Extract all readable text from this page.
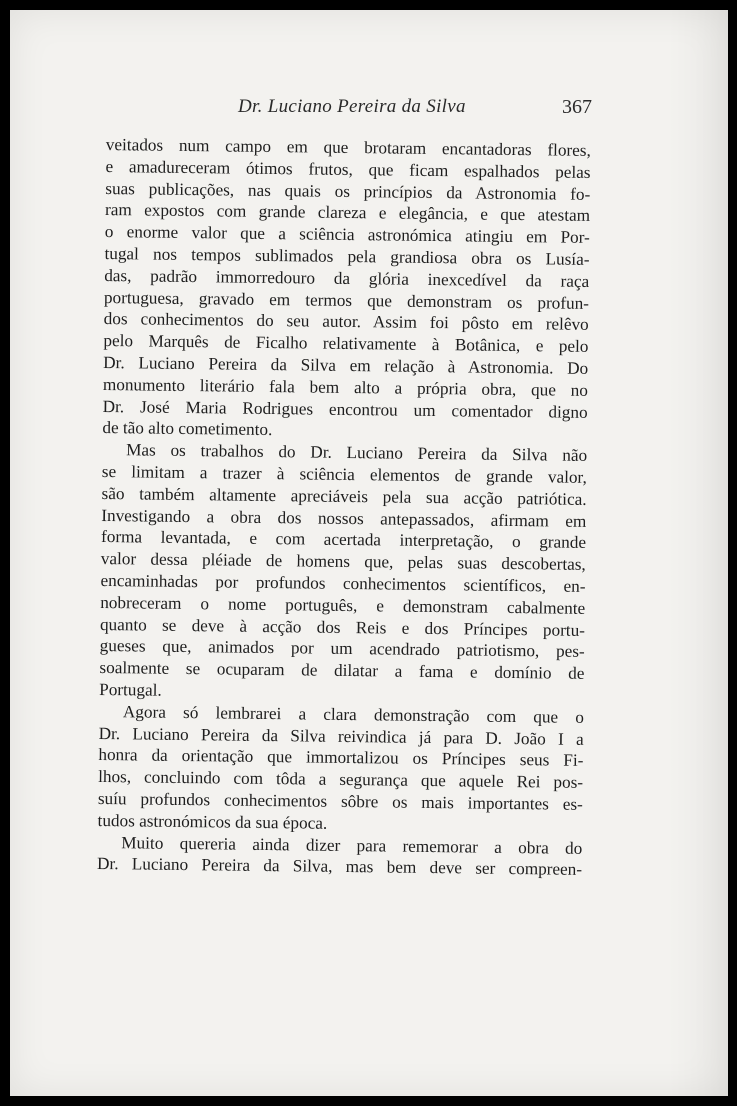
Dr. Luciano Pereira da Silva	367
veitados num campo em que brotaram encantadoras flores,
e amadureceram ótimos frutos, que ficam espalhados pelas
suas publicações, nas quais os princípios da Astronomia fo-
ram expostos com grande clareza e elegância, e que atestam
o enorme valor que a sciência astronómica atingiu em Por-
tugal nos tempos sublimados pela grandiosa obra os Lusía-
das, padrão immorredouro da glória inexcedível da raça
portuguesa, gravado em termos que demonstram os profun-
dos conhecimentos do seu autor. Assim foi pôsto em relêvo
pelo Marquês de Ficalho relativamente à Botânica, e pelo
Dr. Luciano Pereira da Silva em relação à Astronomia. Do
monumento literário fala bem alto a própria obra, que no
Dr. José Maria Rodrigues encontrou um comentador digno
de tão alto cometimento.
Mas os trabalhos do Dr. Luciano Pereira da Silva não
se limitam a trazer à sciência elementos de grande valor,
são também altamente apreciáveis pela sua acção patriótica.
Investigando a obra dos nossos antepassados, afirmam em
forma levantada, e com acertada interpretação, o grande
valor dessa pléiade de homens que, pelas suas descobertas,
encaminhadas por profundos conhecimentos scientíficos, en-
nobreceram o nome português, e demonstram cabalmente
quanto se deve à acção dos Reis e dos Príncipes portu-
gueses que, animados por um acendrado patriotismo, pes-
soalmente se ocuparam de dilatar a fama e domínio de
Portugal.
Agora só lembrarei a clara demonstração com que o
Dr. Luciano Pereira da Silva reivindica já para D. João I a
honra da orientação que immortalizou os Príncipes seus Fi-
lhos, concluindo com tôda a segurança que aquele Rei pos-
suíu profundos conhecimentos sôbre os mais importantes es-
tudos astronómicos da sua época.
Muito quereria ainda dizer para rememorar a obra do
Dr. Luciano Pereira da Silva, mas bem deve ser compreen-
